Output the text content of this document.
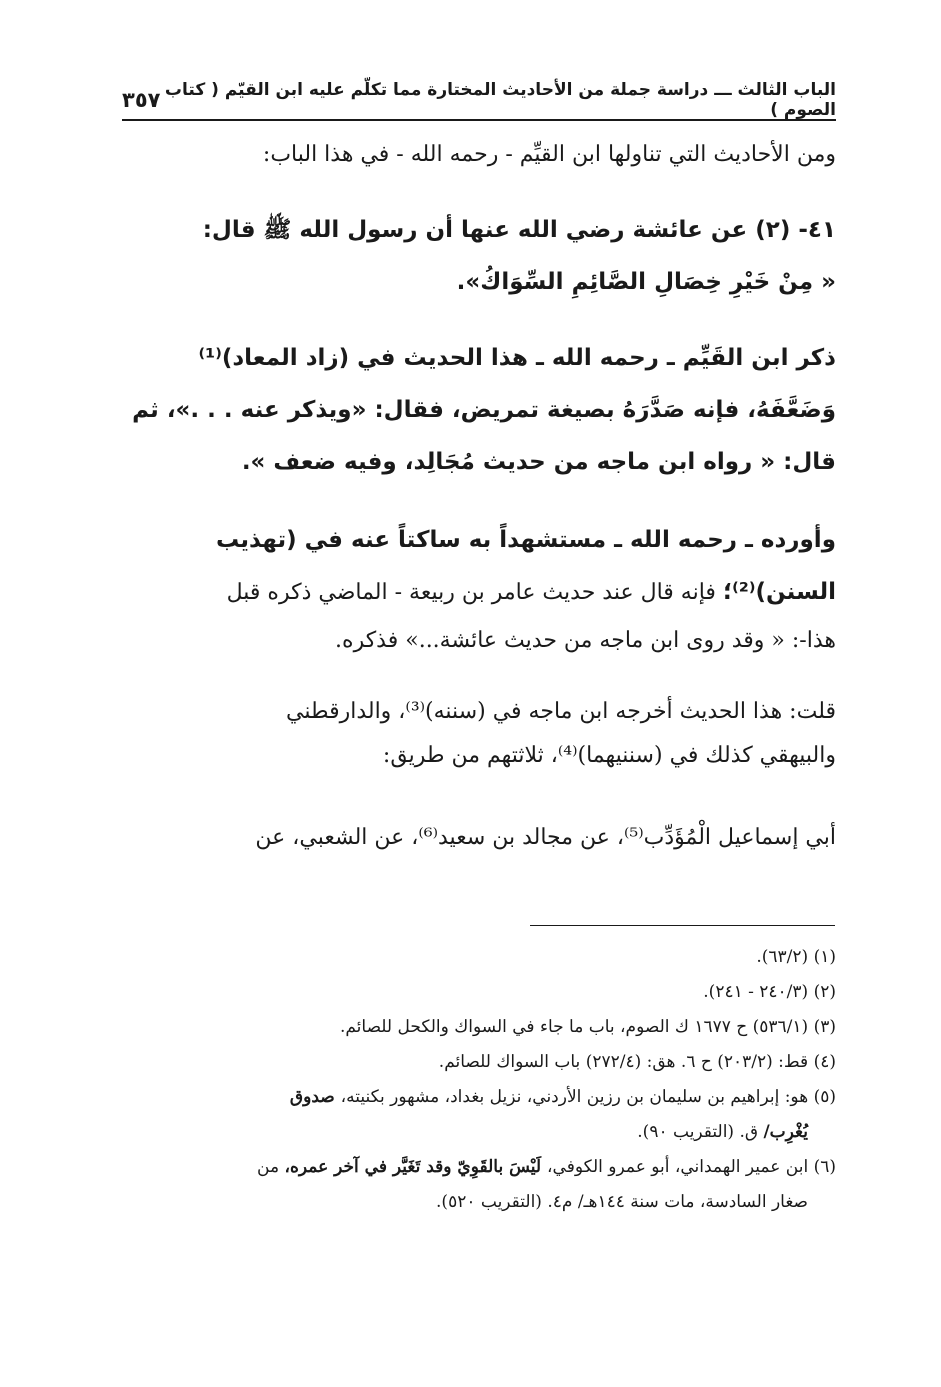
الباب الثالث ـــ دراسة جملة من الأحاديث المختارة مما تكلّم عليه ابن القيّم ( كتاب الصوم )
٣٥٧
ومن الأحاديث التي تناولها ابن القيِّم - رحمه الله - في هذا الباب:
٤١- (٢) عن عائشة رضي الله عنها أن رسول الله ﷺ قال:
« مِنْ خَيْرِ خِصَالِ الصَّائِمِ السِّوَاكُ».
ذكر ابن القَيِّم ـ رحمه الله ـ هذا الحديث في (زاد المعاد)⁽¹⁾
وَضَعَّفَهُ، فإنه صَدَّرَهُ بصيغة تمريض، فقال: «ويذكر عنه . . .»، ثم
قال: « رواه ابن ماجه من حديث مُجَالِد، وفيه ضعف ».
وأورده ـ رحمه الله ـ مستشهداً به ساكتاً عنه في (تهذيب
السنن)⁽²⁾؛ فإنه قال عند حديث عامر بن ربيعة - الماضي ذكره قبل
هذا-: « وقد روى ابن ماجه من حديث عائشة...» فذكره.
قلت: هذا الحديث أخرجه ابن ماجه في (سننه)⁽³⁾، والدارقطني
والبيهقي كذلك في (سننيهما)⁽⁴⁾، ثلاثتهم من طريق:
أبي إسماعيل الْمُؤَدِّب⁽⁵⁾، عن مجالد بن سعيد⁽⁶⁾، عن الشعبي، عن
(١) (٦٣/٢).
(٢) (٢٤٠/٣ - ٢٤١).
(٣) (٥٣٦/١) ح ١٦٧٧ ك الصوم، باب ما جاء في السواك والكحل للصائم.
(٤) قط: (٢٠٣/٢) ح ٦. هق: (٢٧٢/٤) باب السواك للصائم.
(٥) هو: إبراهيم بن سليمان بن رزين الأردني، نزيل بغداد، مشهور بكنيته، صدوق
يُغْرِب/ ق. (التقريب ٩٠).
(٦) ابن عمير الهمداني، أبو عمرو الكوفي، لَيْسَ بالقَوِيّ وقد تَغَيَّر في آخر عمره، من
صغار السادسة، مات سنة ١٤٤هـ/ م٤. (التقريب ٥٢٠).
